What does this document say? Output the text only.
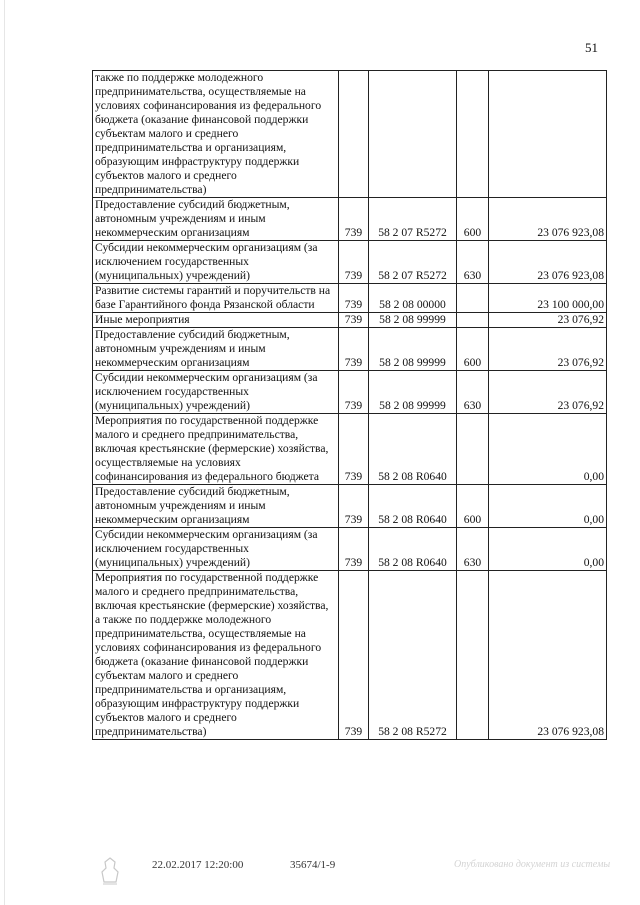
51
также по поддержке молодежного предпринимательства, осуществляемые на условиях софинансирования из федерального бюджета (оказание финансовой поддержки субъектам малого и среднего предпринимательства и организациям, образующим инфраструктуру поддержки субъектов малого и среднего предпринимательства)				
Предоставление субсидий бюджетным, автономным учреждениям и иным некоммерческим организациям	739	58 2 07 R5272	600	23 076 923,08
Субсидии некоммерческим организациям (за исключением государственных (муниципальных) учреждений)	739	58 2 07 R5272	630	23 076 923,08
Развитие системы гарантий и поручительств на базе Гарантийного фонда Рязанской области	739	58 2 08 00000		23 100 000,00
Иные мероприятия	739	58 2 08 99999		23 076,92
Предоставление субсидий бюджетным, автономным учреждениям и иным некоммерческим организациям	739	58 2 08 99999	600	23 076,92
Субсидии некоммерческим организациям (за исключением государственных (муниципальных) учреждений)	739	58 2 08 99999	630	23 076,92
Мероприятия по государственной поддержке малого и среднего предпринимательства, включая крестьянские (фермерские) хозяйства, осуществляемые на условиях софинансирования из федерального бюджета	739	58 2 08 R0640		0,00
Предоставление субсидий бюджетным, автономным учреждениям и иным некоммерческим организациям	739	58 2 08 R0640	600	0,00
Субсидии некоммерческим организациям (за исключением государственных (муниципальных) учреждений)	739	58 2 08 R0640	630	0,00
Мероприятия по государственной поддержке малого и среднего предпринимательства, включая крестьянские (фермерские) хозяйства, а также по поддержке молодежного предпринимательства, осуществляемые на условиях софинансирования из федерального бюджета (оказание финансовой поддержки субъектам малого и среднего предпринимательства и организациям, образующим инфраструктуру поддержки субъектов малого и среднего предпринимательства)	739	58 2 08 R5272		23 076 923,08
22.02.2017 12:20:00	35674/1-9	Опубликовано документ из системы
